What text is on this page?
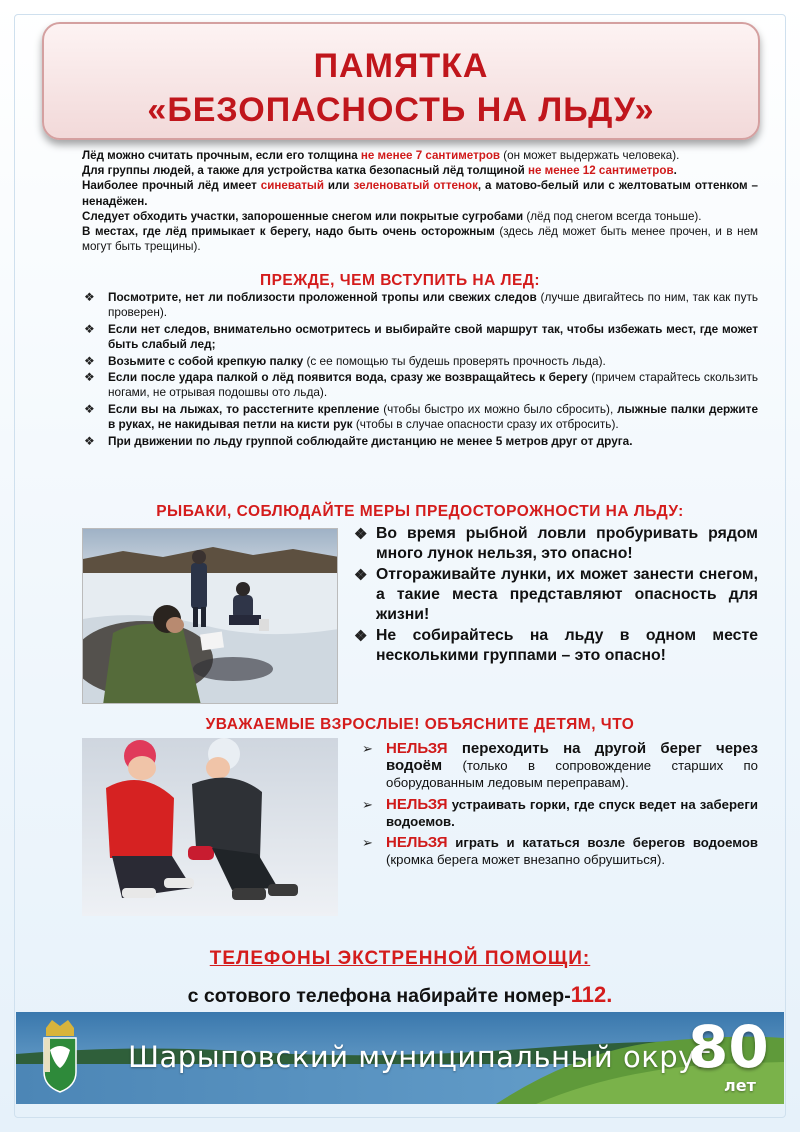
ПАМЯТКА
«БЕЗОПАСНОСТЬ НА ЛЬДУ»

Лёд можно считать прочным, если его толщина не менее 7 сантиметров (он может выдержать человека).

Для группы людей, а также для устройства катка безопасный лёд толщиной не менее 12 сантиметров.

Наиболее прочный лёд имеет синеватый или зеленоватый оттенок, а матово-белый или с желтоватым оттенком – ненадёжен.

Следует обходить участки, запорошенные снегом или покрытые сугробами (лёд под снегом всегда тоньше).

В местах, где лёд примыкает к берегу, надо быть очень осторожным (здесь лёд может быть менее прочен, и в нем могут быть трещины).

ПРЕЖДЕ, ЧЕМ ВСТУПИТЬ НА ЛЕД:
❖ Посмотрите, нет ли поблизости проложенной тропы или свежих следов (лучше двигайтесь по ним, так как путь проверен).
❖ Если нет следов, внимательно осмотритесь и выбирайте свой маршрут так, чтобы избежать мест, где может быть слабый лед;
❖ Возьмите с собой крепкую палку (с ее помощью ты будешь проверять прочность льда).
❖ Если после удара палкой о лёд появится вода, сразу же возвращайтесь к берегу (причем старайтесь скользить ногами, не отрывая подошвы ото льда).
❖ Если вы на лыжах, то расстегните крепление (чтобы быстро их можно было сбросить), лыжные палки держите в руках, не накидывая петли на кисти рук (чтобы в случае опасности сразу их отбросить).
❖ При движении по льду группой соблюдайте дистанцию не менее 5 метров друг от друга.
РЫБАКИ, СОБЛЮДАЙТЕ МЕРЫ ПРЕДОСТОРОЖНОСТИ НА ЛЬДУ:
❖ Во время рыбной ловли пробуривать рядом много лунок нельзя, это опасно!
❖ Отгораживайте лунки, их может занести снегом, а такие места представляют опасность для жизни!
❖ Не собирайтесь на льду в одном месте несколькими группами – это опасно!
УВАЖАЕМЫЕ ВЗРОСЛЫЕ! ОБЪЯСНИТЕ ДЕТЯМ, ЧТО
➢ НЕЛЬЗЯ переходить на другой берег через водоём (только в сопровождение старших по оборудованным ледовым переправам).
➢ НЕЛЬЗЯ устраивать горки, где спуск ведет на забереги водоемов.
➢ НЕЛЬЗЯ играть и кататься возле берегов водоемов (кромка берега может внезапно обрушиться).
ТЕЛЕФОНЫ ЭКСТРЕННОЙ ПОМОЩИ:
с сотового телефона набирайте номер-112.
Шарыповский муниципальный округ
80
лет
